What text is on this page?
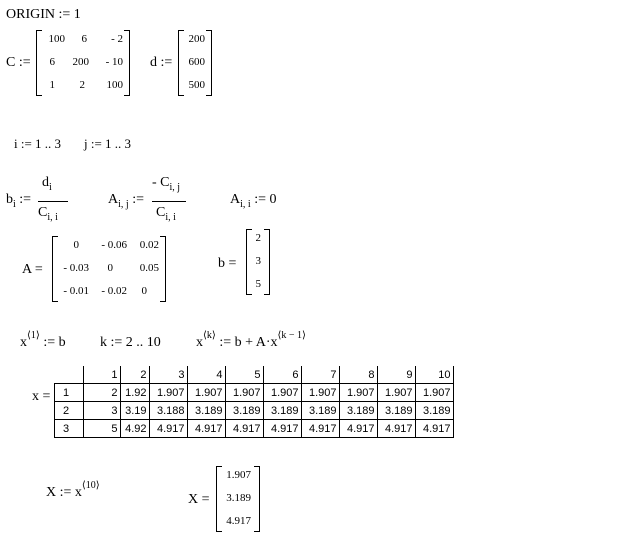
ORIGIN := 1
C :=
100	6	- 2
6	200	- 10
1	2	100
d :=
200
600
500
i := 1 .. 3 j := 1 .. 3
$b_i$ :=
$d_i$
$C_{i, i}$
$A_{i, j}$ :=
- $C_{i, j}$
$C_{i, i}$
$A_{i, i}$ := 0
A =
0	- 0.06	0.02
- 0.03	0	0.05
- 0.01	- 0.02	0
b =
2
3
5
$x^{⟨1⟩}$ := b k := 2 .. 10	$x^{⟨k⟩}$ := $b + A\cdot x^{⟨k - 1⟩}$
x =
	1	2	3	4	5	6	7	8	9	10
1	2	1.92	1.907	1.907	1.907	1.907	1.907	1.907	1.907	1.907
2	3	3.19	3.188	3.189	3.189	3.189	3.189	3.189	3.189	3.189
3	5	4.92	4.917	4.917	4.917	4.917	4.917	4.917	4.917	4.917
X := $x^{⟨10⟩}$
X =
1.907
3.189
4.917
